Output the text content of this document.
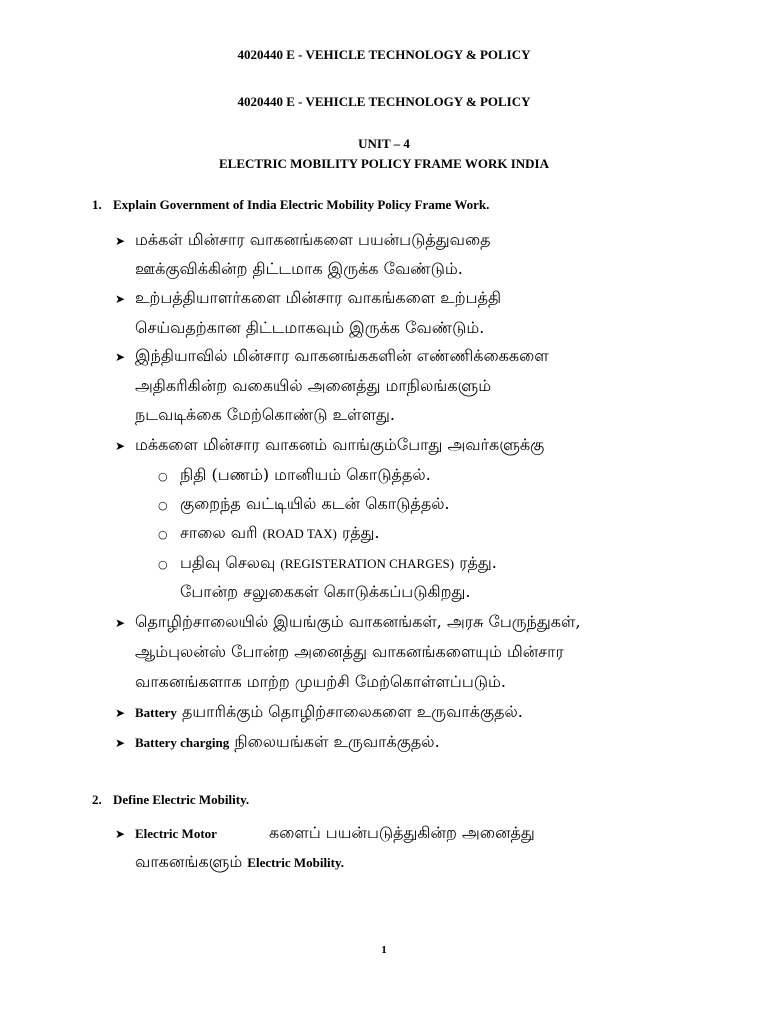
4020440 E - VEHICLE TECHNOLOGY & POLICY
4020440 E - VEHICLE TECHNOLOGY & POLICY
UNIT – 4
ELECTRIC MOBILITY POLICY FRAME WORK INDIA
1. Explain Government of India Electric Mobility Policy Frame Work.
➤ மக்கள் மின்சார வாகனங்களை பயன்படுத்துவதை
ஊக்குவிக்கின்ற திட்டமாக இருக்க வேண்டும்.
➤ உற்பத்தியாளர்களை மின்சார வாகங்களை உற்பத்தி
செய்வதற்கான திட்டமாகவும் இருக்க வேண்டும்.
➤ இந்தியாவில் மின்சார வாகனங்ககளின் எண்ணிக்கைகளை
அதிகரிகின்ற வகையில் அனைத்து மாநிலங்களும்
நடவடிக்கை மேற்கொண்டு உள்ளது.
➤ மக்களை மின்சார வாகனம் வாங்கும்போது அவர்களுக்கு
○ நிதி (பணம்) மானியம் கொடுத்தல்.
○ குறைந்த வட்டியில் கடன் கொடுத்தல்.
○ சாலை வரி (ROAD TAX) ரத்து.
○ பதிவு செலவு (REGISTERATION CHARGES) ரத்து.
போன்ற சலுகைகள் கொடுக்கப்படுகிறது.
➤ தொழிற்சாலையில் இயங்கும் வாகனங்கள், அரசு பேருந்துகள்,
ஆம்புலன்ஸ் போன்ற அனைத்து வாகனங்களையும் மின்சார
வாகனங்களாக மாற்ற முயற்சி மேற்கொள்ளப்படும்.
➤ Battery தயாரிக்கும் தொழிற்சாலைகளை உருவாக்குதல்.
➤ Battery charging நிலையங்கள் உருவாக்குதல்.
2. Define Electric Mobility.
➤ Electric Motor	களைப் பயன்படுத்துகின்ற அனைத்து
வாகனங்களும் Electric Mobility.
1
